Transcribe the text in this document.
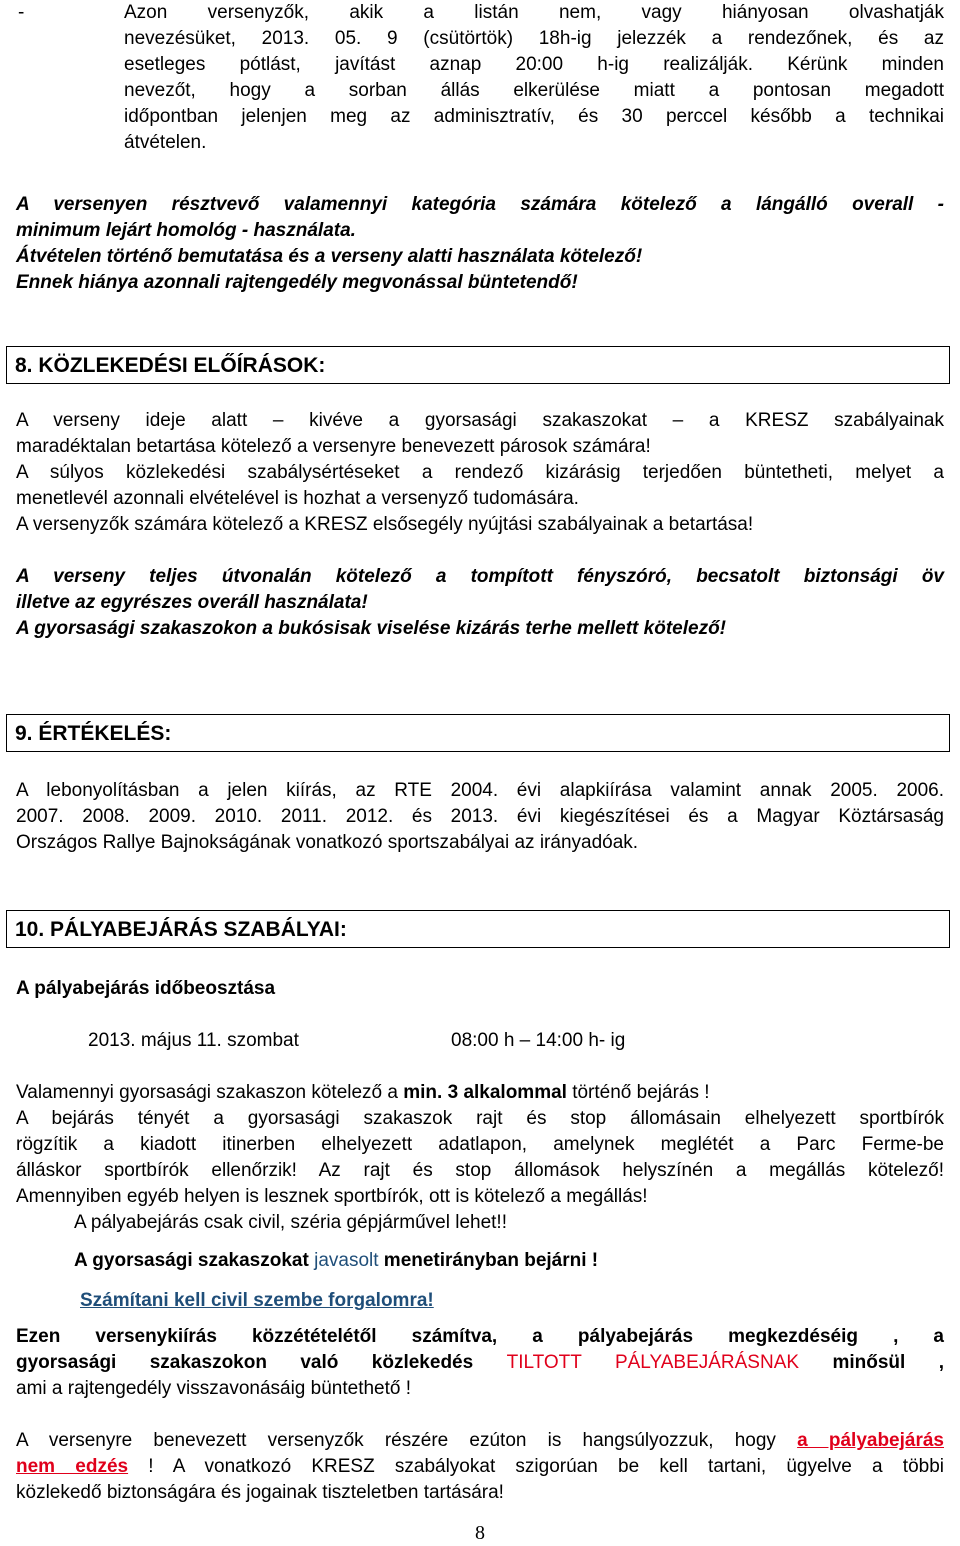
-	Azon versenyzők, akik a listán nem, vagy hiányosan olvashatják
nevezésüket, 2013. 05. 9 (csütörtök) 18h-ig jelezzék a rendezőnek, és az
esetleges pótlást, javítást aznap 20:00 h-ig realizálják. Kérünk minden
nevezőt, hogy a sorban állás elkerülése miatt a pontosan megadott
időpontban jelenjen meg az adminisztratív, és 30 perccel később a technikai
átvételen.
A versenyen résztvevő valamennyi kategória számára kötelező a lángálló overall -
minimum lejárt homológ - használata.
Átvételen történő bemutatása és a verseny alatti használata kötelező!
Ennek hiánya azonnali rajtengedély megvonással büntetendő!
8. KÖZLEKEDÉSI ELŐÍRÁSOK:
A verseny ideje alatt – kivéve a gyorsasági szakaszokat – a KRESZ szabályainak
maradéktalan betartása kötelező a versenyre benevezett párosok számára!
A súlyos közlekedési szabálysértéseket a rendező kizárásig terjedően büntetheti, melyet a
menetlevél azonnali elvételével is hozhat a versenyző tudomására.
A versenyzők számára kötelező a KRESZ elsősegély nyújtási szabályainak a betartása!
A verseny teljes útvonalán kötelező a tompított fényszóró, becsatolt biztonsági öv
illetve az egyrészes overáll használata!
A gyorsasági szakaszokon a bukósisak viselése kizárás terhe mellett kötelező!
9. ÉRTÉKELÉS:
A lebonyolításban a jelen kiírás, az RTE 2004. évi alapkiírása valamint annak 2005. 2006.
2007. 2008. 2009. 2010. 2011. 2012. és 2013. évi kiegészítései és a Magyar Köztársaság
Országos Rallye Bajnokságának vonatkozó sportszabályai az irányadóak.
10. PÁLYABEJÁRÁS SZABÁLYAI:
A pályabejárás időbeosztása
2013. május 11. szombat	08:00 h – 14:00 h- ig
Valamennyi gyorsasági szakaszon kötelező a min. 3 alkalommal történő bejárás !
A bejárás tényét a gyorsasági szakaszok rajt és stop állomásain elhelyezett sportbírók
rögzítik a kiadott itinerben elhelyezett adatlapon, amelynek meglétét a Parc Ferme-be
álláskor sportbírók ellenőrzik! Az rajt és stop állomások helyszínén a megállás kötelező!
Amennyiben egyéb helyen is lesznek sportbírók, ott is kötelező a megállás!
A pályabejárás csak civil, széria gépjárművel lehet!!
A gyorsasági szakaszokat javasolt menetirányban bejárni !
Számítani kell civil szembe forgalomra!
Ezen versenykiírás közzétételétől számítva, a pályabejárás megkezdéséig , a
gyorsasági szakaszokon való közlekedés TILTOTT PÁLYABEJÁRÁSNAK minősül ,
ami a rajtengedély visszavonásáig büntethető !
A versenyre benevezett versenyzők részére ezúton is hangsúlyozzuk, hogy a pályabejárás
nem edzés ! A vonatkozó KRESZ szabályokat szigorúan be kell tartani, ügyelve a többi
közlekedő biztonságára és jogainak tiszteletben tartására!
8
